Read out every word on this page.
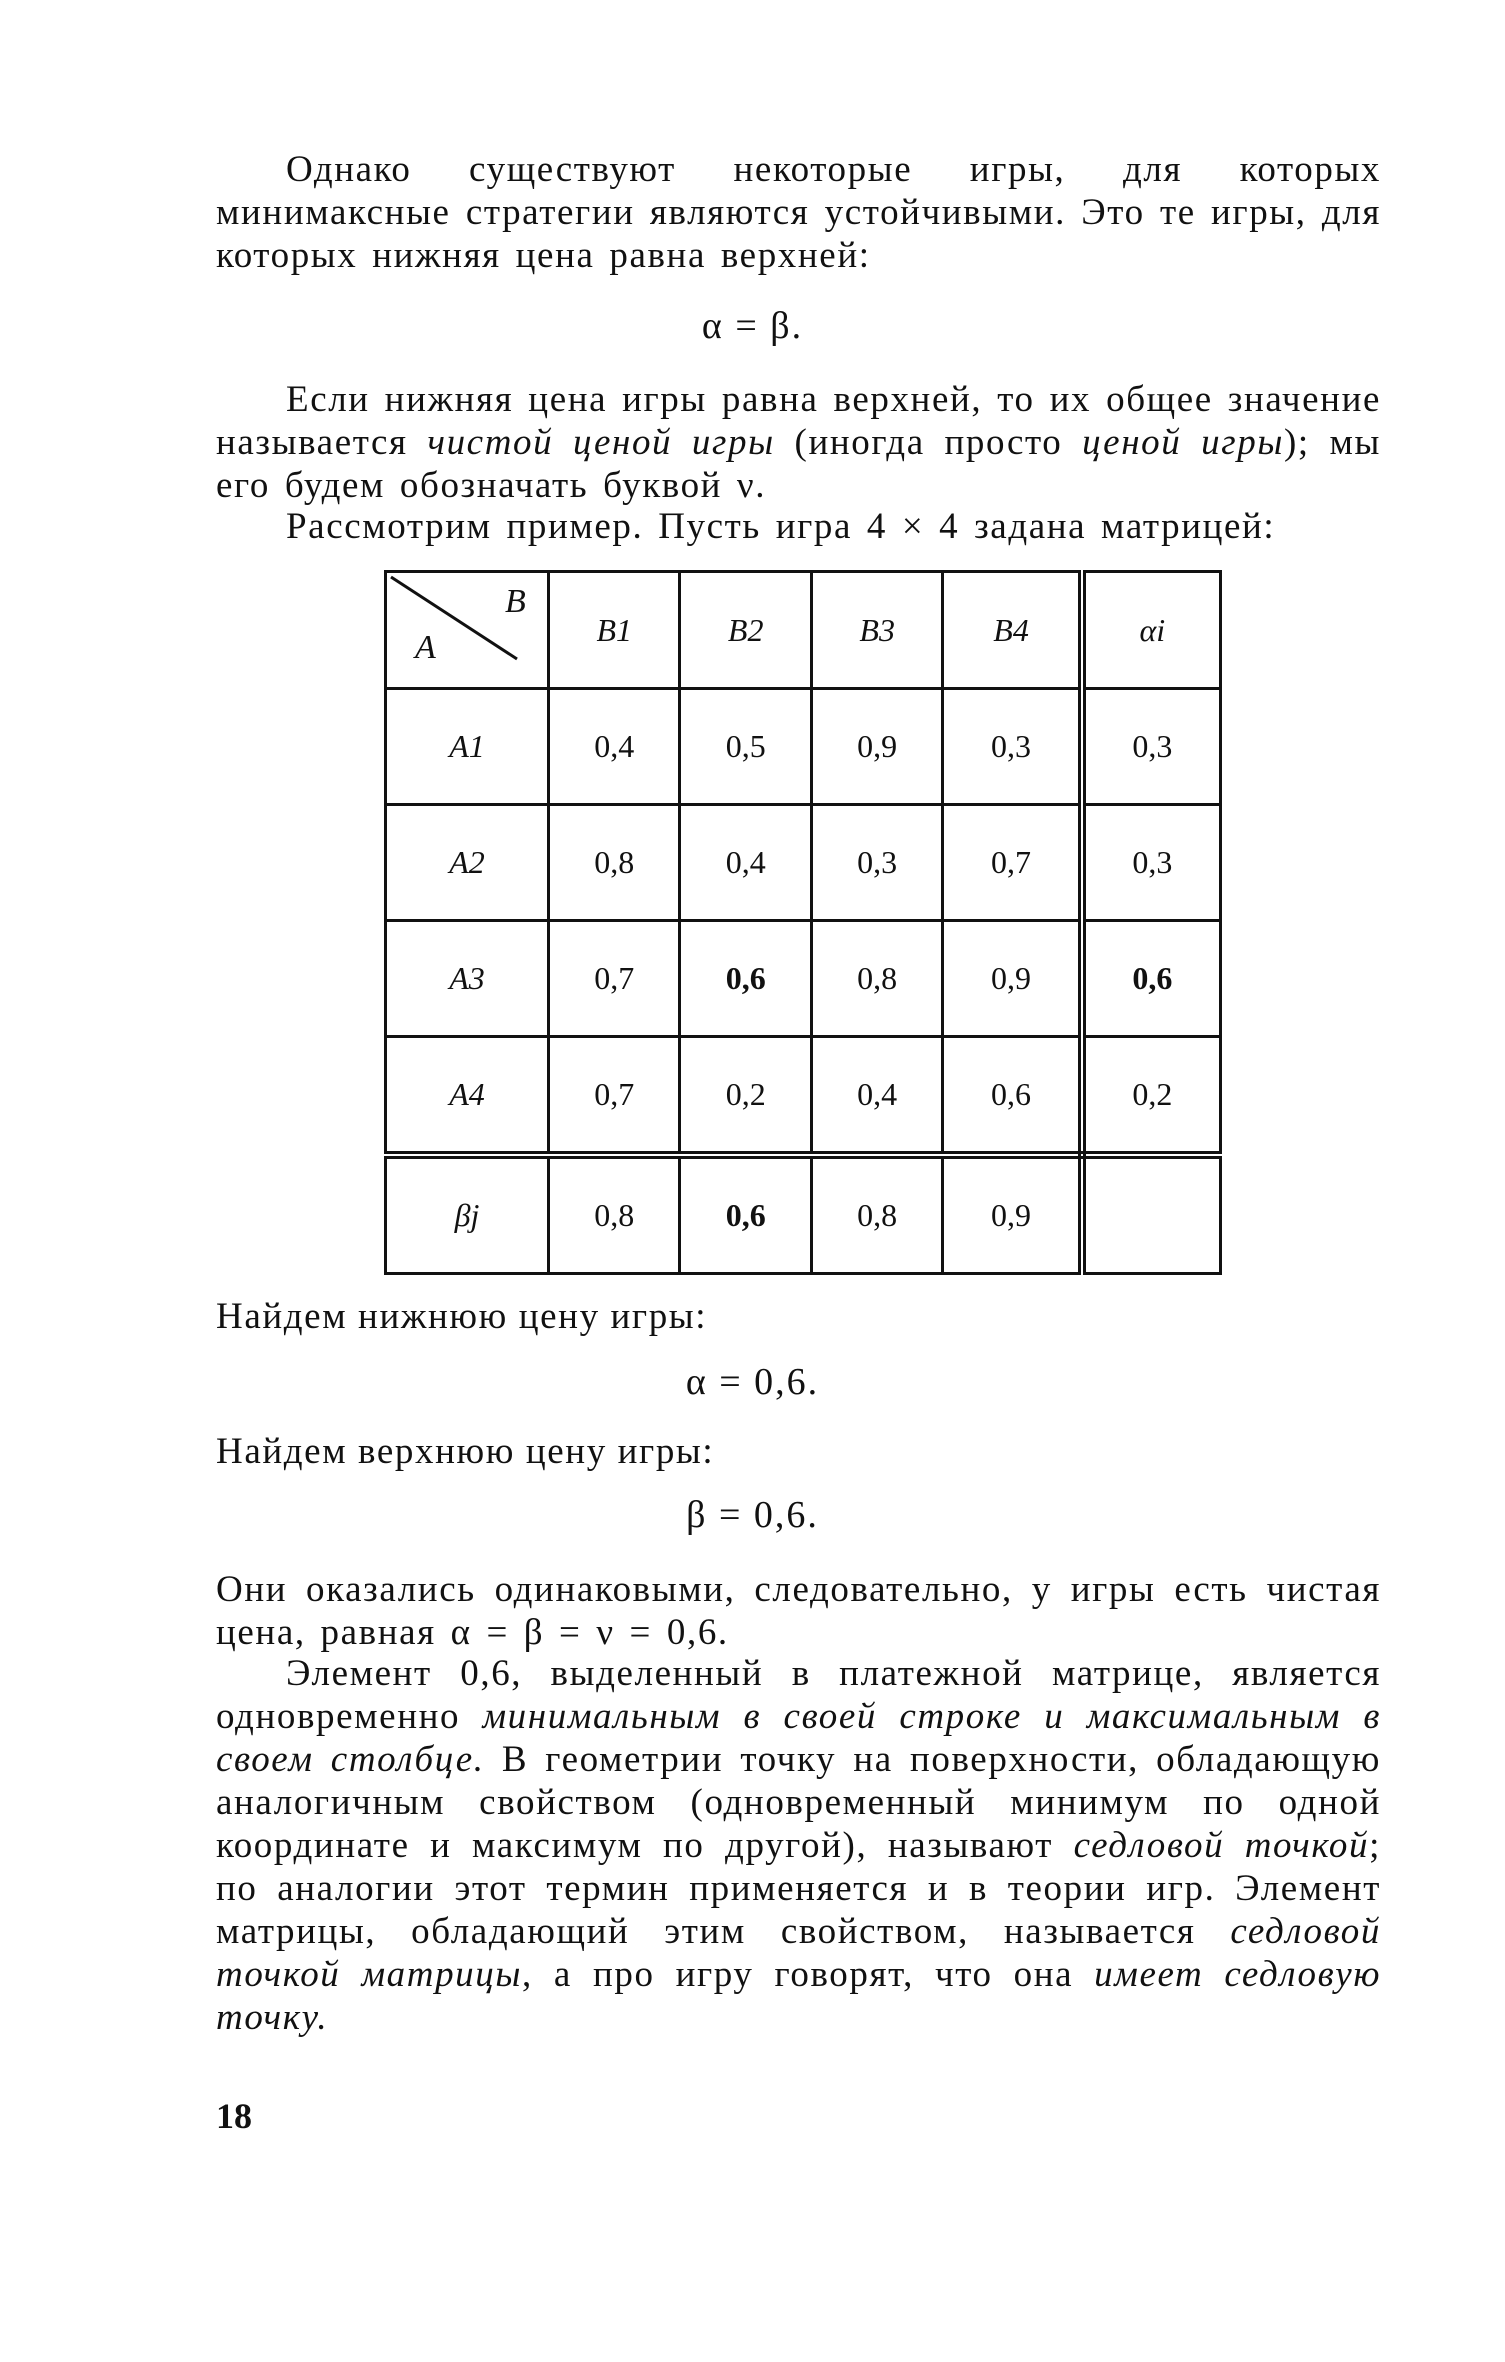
Однако существуют некоторые игры, для которых минимаксные стратегии являются устойчивыми. Это те игры, для которых нижняя цена равна верхней:
α = β.
Если нижняя цена игры равна верхней, то их общее значение называется чистой ценой игры (иногда просто ценой игры); мы его будем обозначать буквой ν.
Рассмотрим пример. Пусть игра 4 × 4 задана матрицей:
A
B	B1	B2	B3	B4	αi
A1	0,4	0,5	0,9	0,3	0,3
A2	0,8	0,4	0,3	0,7	0,3
A3	0,7	0,6	0,8	0,9	0,6
A4	0,7	0,2	0,4	0,6	0,2
βj	0,8	0,6	0,8	0,9	
Найдем нижнюю цену игры:
α = 0,6.
Найдем верхнюю цену игры:
β = 0,6.
Они оказались одинаковыми, следовательно, у игры есть чистая цена, равная α = β = ν = 0,6.
Элемент 0,6, выделенный в платежной матрице, является одновременно минимальным в своей строке и максимальным в своем столбце. В геометрии точку на поверхности, обладающую аналогичным свойством (одновременный минимум по одной координате и максимум по другой), называют седловой точкой; по аналогии этот термин применяется и в теории игр. Элемент матрицы, обладающий этим свойством, называется седловой точкой матрицы, а про игру говорят, что она имеет седловую точку.
18
